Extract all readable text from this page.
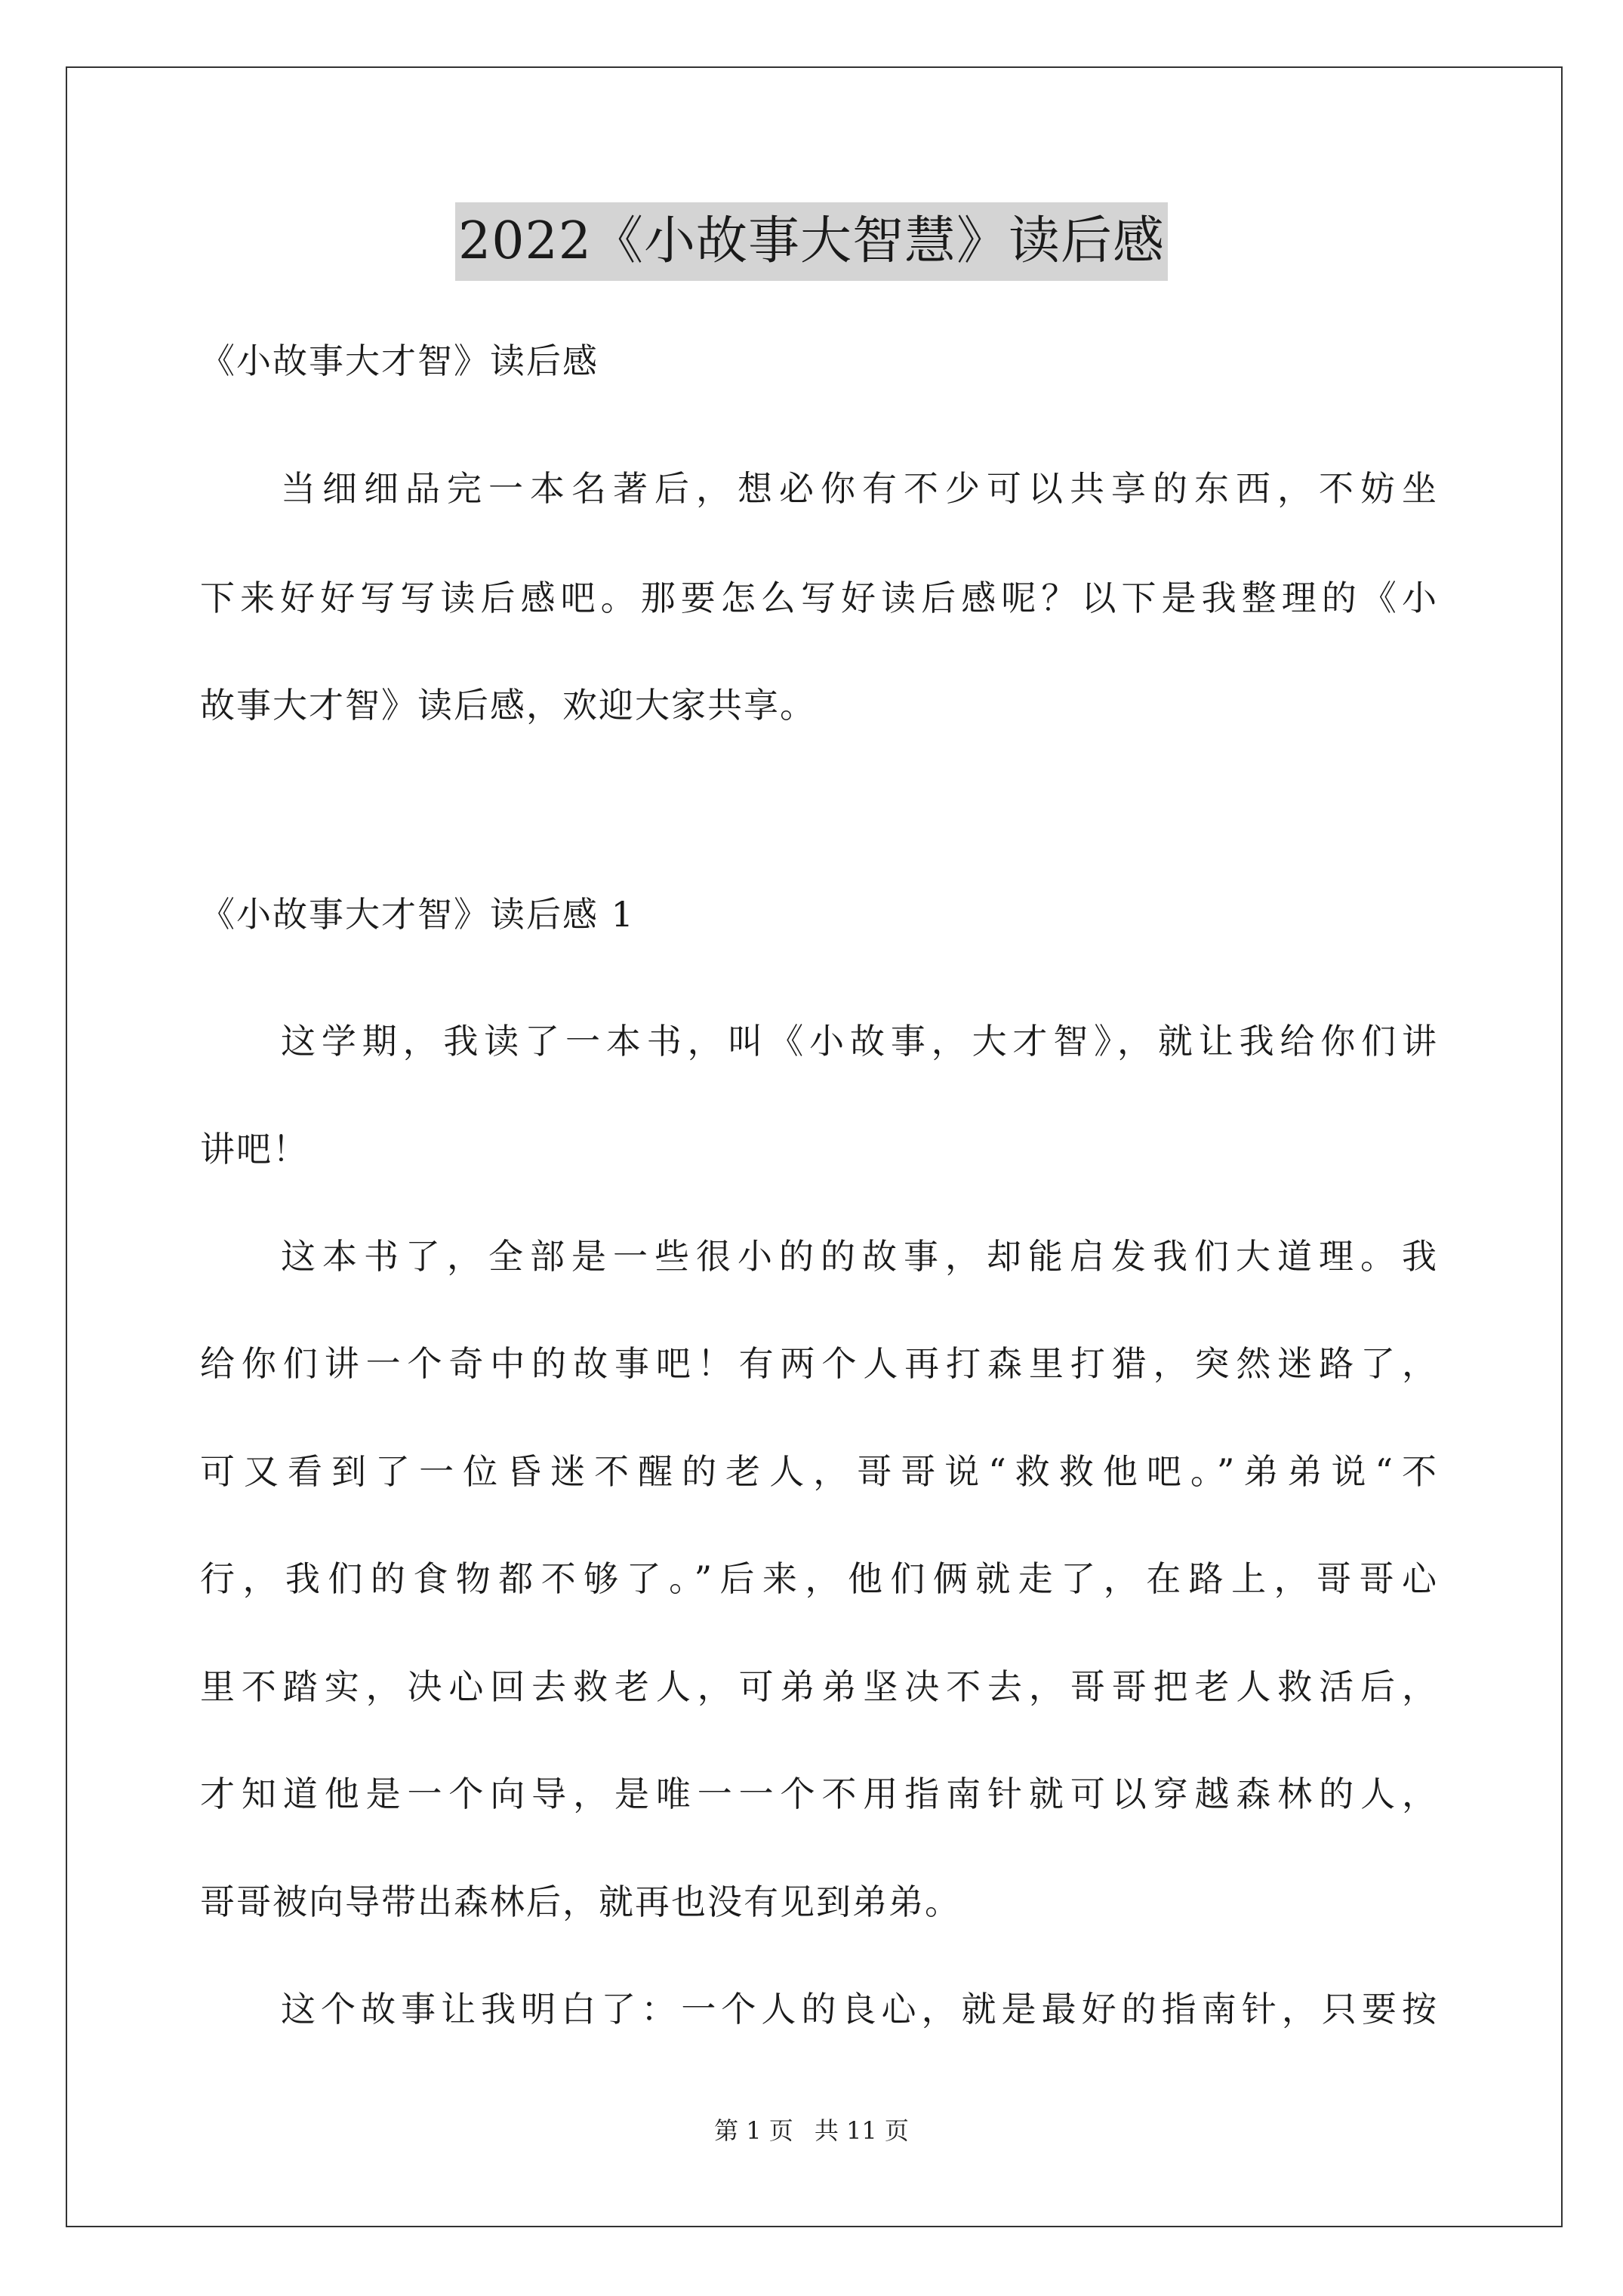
2022《小故事大智慧》读后感
《小故事大才智》读后感
当细细品完一本名著后，想必你有不少可以共享的东西，不妨坐
下来好好写写读后感吧。那要怎么写好读后感呢？以下是我整理的《小
故事大才智》读后感，欢迎大家共享。
《小故事大才智》读后感 1
这学期，我读了一本书，叫《小故事，大才智》，就让我给你们讲
讲吧！
这本书了，全部是一些很小的的故事，却能启发我们大道理。我
给你们讲一个奇中的故事吧！有两个人再打森里打猎，突然迷路了，
可又看到了一位昏迷不醒的老人，哥哥说“救救他吧。”弟弟说“不
行，我们的食物都不够了。”后来，他们俩就走了，在路上，哥哥心
里不踏实，决心回去救老人，可弟弟坚决不去，哥哥把老人救活后，
才知道他是一个向导，是唯一一个不用指南针就可以穿越森林的人，
哥哥被向导带出森林后，就再也没有见到弟弟。
这个故事让我明白了：一个人的良心，就是最好的指南针，只要按
第 1 页 共 11 页
